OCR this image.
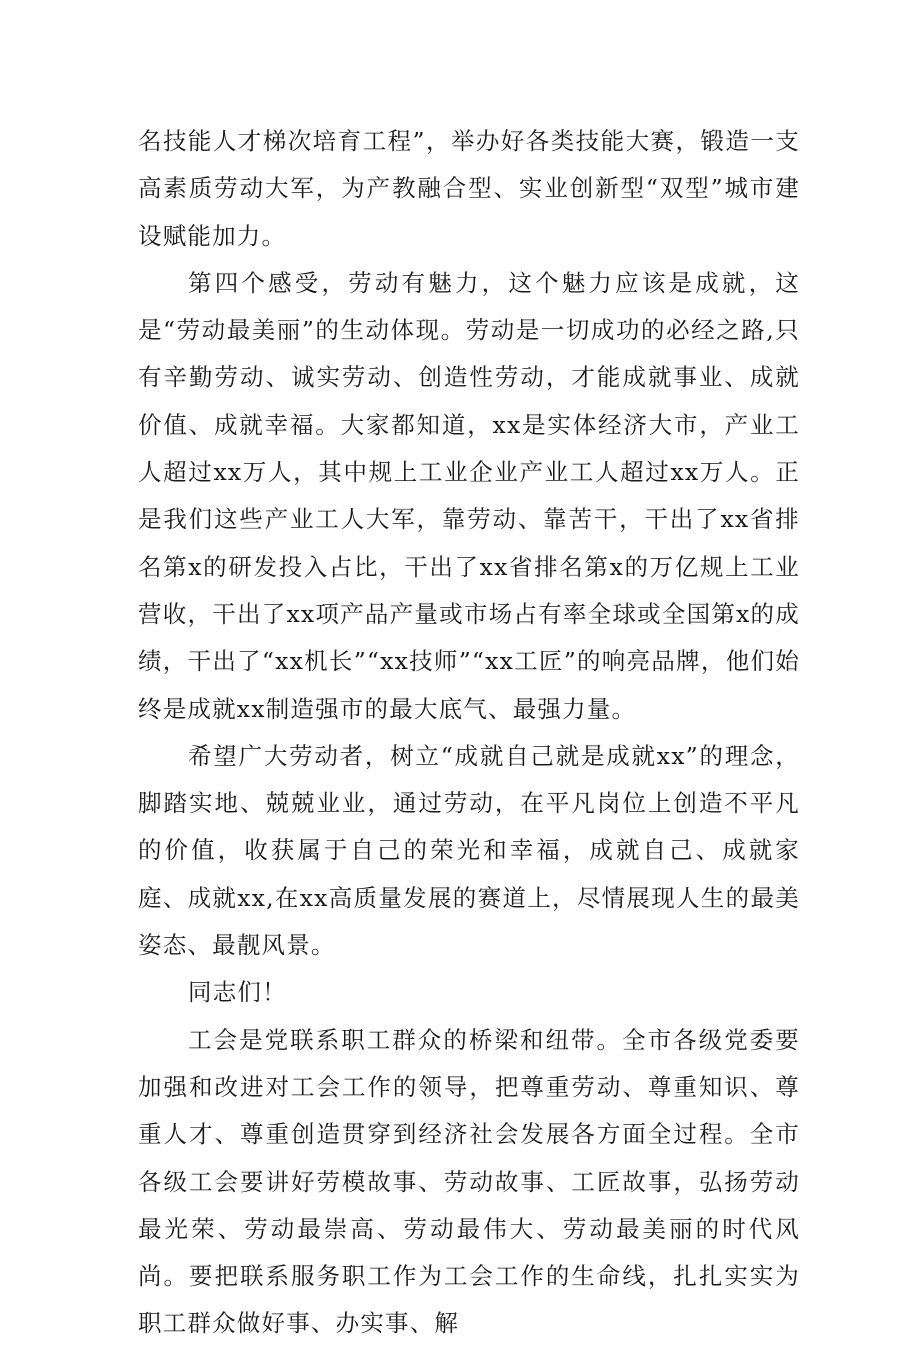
名技能人才梯次培育工程”，举办好各类技能大赛，锻造一支高素质劳动大军，为产教融合型、实业创新型“双型”城市建设赋能加力。

第四个感受，劳动有魅力，这个魅力应该是成就，这是“劳动最美丽”的生动体现。劳动是一切成功的必经之路,只有辛勤劳动、诚实劳动、创造性劳动，才能成就事业、成就价值、成就幸福。大家都知道，xx是实体经济大市，产业工人超过xx万人，其中规上工业企业产业工人超过xx万人。正是我们这些产业工人大军，靠劳动、靠苦干，干出了xx省排名第x的研发投入占比，干出了xx省排名第x的万亿规上工业营收，干出了xx项产品产量或市场占有率全球或全国第x的成绩，干出了“xx机长”“xx技师”“xx工匠”的响亮品牌，他们始终是成就xx制造强市的最大底气、最强力量。

希望广大劳动者，树立“成就自己就是成就xx”的理念，脚踏实地、兢兢业业，通过劳动，在平凡岗位上创造不平凡的价值，收获属于自己的荣光和幸福，成就自己、成就家庭、成就xx,在xx高质量发展的赛道上，尽情展现人生的最美姿态、最靓风景。

同志们！

工会是党联系职工群众的桥梁和纽带。全市各级党委要加强和改进对工会工作的领导，把尊重劳动、尊重知识、尊重人才、尊重创造贯穿到经济社会发展各方面全过程。全市各级工会要讲好劳模故事、劳动故事、工匠故事，弘扬劳动最光荣、劳动最崇高、劳动最伟大、劳动最美丽的时代风尚。要把联系服务职工作为工会工作的生命线，扎扎实实为职工群众做好事、办实事、解
